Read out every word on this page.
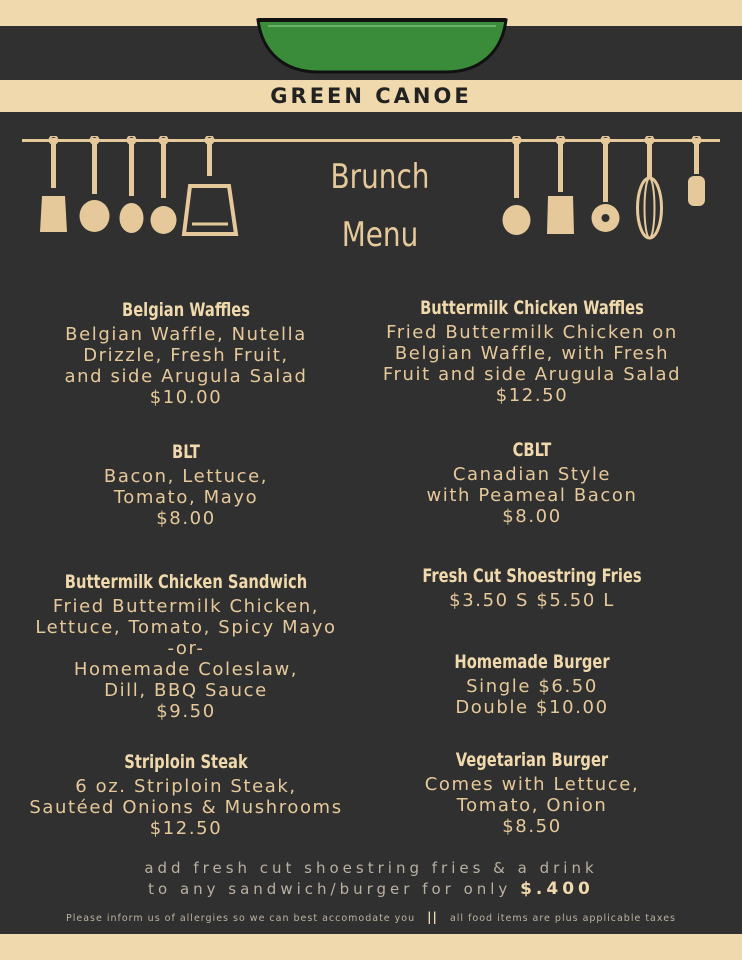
GREEN CANOE
Brunch
Menu
Belgian Waffles
Belgian Waffle, Nutella
Drizzle, Fresh Fruit,
and side Arugula Salad
$10.00
BLT
Bacon, Lettuce,
Tomato, Mayo
$8.00
Buttermilk Chicken Sandwich
Fried Buttermilk Chicken,
Lettuce, Tomato, Spicy Mayo
-or-
Homemade Coleslaw,
Dill, BBQ Sauce
$9.50
Striploin Steak
6 oz. Striploin Steak,
Sautéed Onions & Mushrooms
$12.50
Buttermilk Chicken Waffles
Fried Buttermilk Chicken on
Belgian Waffle, with Fresh
Fruit and side Arugula Salad
$12.50
CBLT
Canadian Style
with Peameal Bacon
$8.00
Fresh Cut Shoestring Fries
$3.50 S $5.50 L
Homemade Burger
Single $6.50
Double $10.00
Vegetarian Burger
Comes with Lettuce,
Tomato, Onion
$8.50
add fresh cut shoestring fries & a drink
to any sandwich/burger for only $.400
Please inform us of allergies so we can best accomodate you || all food items are plus applicable taxes
